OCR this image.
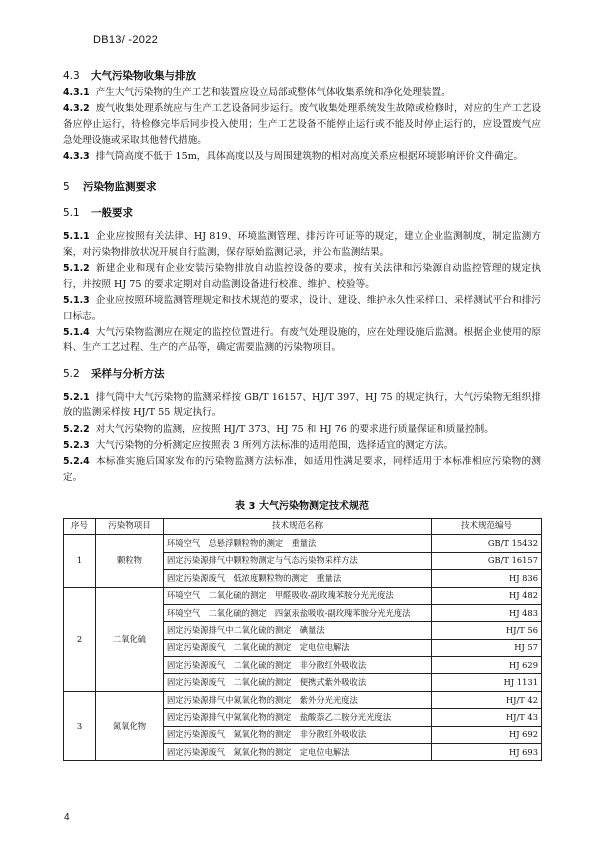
DB13/ -2022
4.3 大气污染物收集与排放

4.3.1 产生大气污染物的生产工艺和装置应设立局部或整体气体收集系统和净化处理装置。

4.3.2 废气收集处理系统应与生产工艺设备同步运行。废气收集处理系统发生故障或检修时，对应的生产工艺设备应停止运行，待检修完毕后同步投入使用；生产工艺设备不能停止运行或不能及时停止运行的，应设置废气应急处理设施或采取其他替代措施。

4.3.3 排气筒高度不低于 15m，具体高度以及与周围建筑物的相对高度关系应根据环境影响评价文件确定。

5 污染物监测要求
5.1 一般要求

5.1.1 企业应按照有关法律、HJ 819、环境监测管理、排污许可证等的规定，建立企业监测制度，制定监测方案，对污染物排放状况开展自行监测，保存原始监测记录，并公布监测结果。

5.1.2 新建企业和现有企业安装污染物排放自动监控设备的要求，按有关法律和污染源自动监控管理的规定执行，并按照 HJ 75 的要求定期对自动监测设备进行校准、维护、校验等。

5.1.3 企业应按照环境监测管理规定和技术规范的要求，设计、建设、维护永久性采样口、采样测试平台和排污口标志。

5.1.4 大气污染物监测应在规定的监控位置进行。有废气处理设施的，应在处理设施后监测。根据企业使用的原料、生产工艺过程、生产的产品等，确定需要监测的污染物项目。

5.2 采样与分析方法

5.2.1 排气筒中大气污染物的监测采样按 GB/T 16157、HJ/T 397、HJ 75 的规定执行，大气污染物无组织排放的监测采样按 HJ/T 55 规定执行。

5.2.2 对大气污染物的监测，应按照 HJ/T 373、HJ 75 和 HJ 76 的要求进行质量保证和质量控制。

5.2.3 大气污染物的分析测定应按照表 3 所列方法标准的适用范围，选择适宜的测定方法。

5.2.4 本标准实施后国家发布的污染物监测方法标准，如适用性满足要求，同样适用于本标准相应污染物的测定。

表 3 大气污染物测定技术规范
序号	污染物项目	技术规范名称	技术规范编号
1	颗粒物	环境空气　总悬浮颗粒物的测定　重量法	GB/T 15432
		固定污染源排气中颗粒物测定与气态污染物采样方法	GB/T 16157
		固定污染源废气　低浓度颗粒物的测定　重量法	HJ 836
2	二氧化硫	环境空气　二氧化硫的测定　甲醛吸收-副玫瑰苯胺分光光度法	HJ 482
		环境空气　二氧化硫的测定　四氯汞盐吸收-副玫瑰苯胺分光光度法	HJ 483
		固定污染源排气中二氧化硫的测定　碘量法	HJ/T 56
		固定污染源废气　二氧化硫的测定　定电位电解法	HJ 57
		固定污染源废气　二氧化硫的测定　非分散红外吸收法	HJ 629
		固定污染源废气　二氧化硫的测定　便携式紫外吸收法	HJ 1131
3	氮氧化物	固定污染源排气中氮氧化物的测定　紫外分光光度法	HJ/T 42
		固定污染源排气中氮氧化物的测定　盐酸萘乙二胺分光光度法	HJ/T 43
		固定污染源废气　氮氧化物的测定　非分散红外吸收法	HJ 692
		固定污染源废气　氮氧化物的测定　定电位电解法	HJ 693
4
